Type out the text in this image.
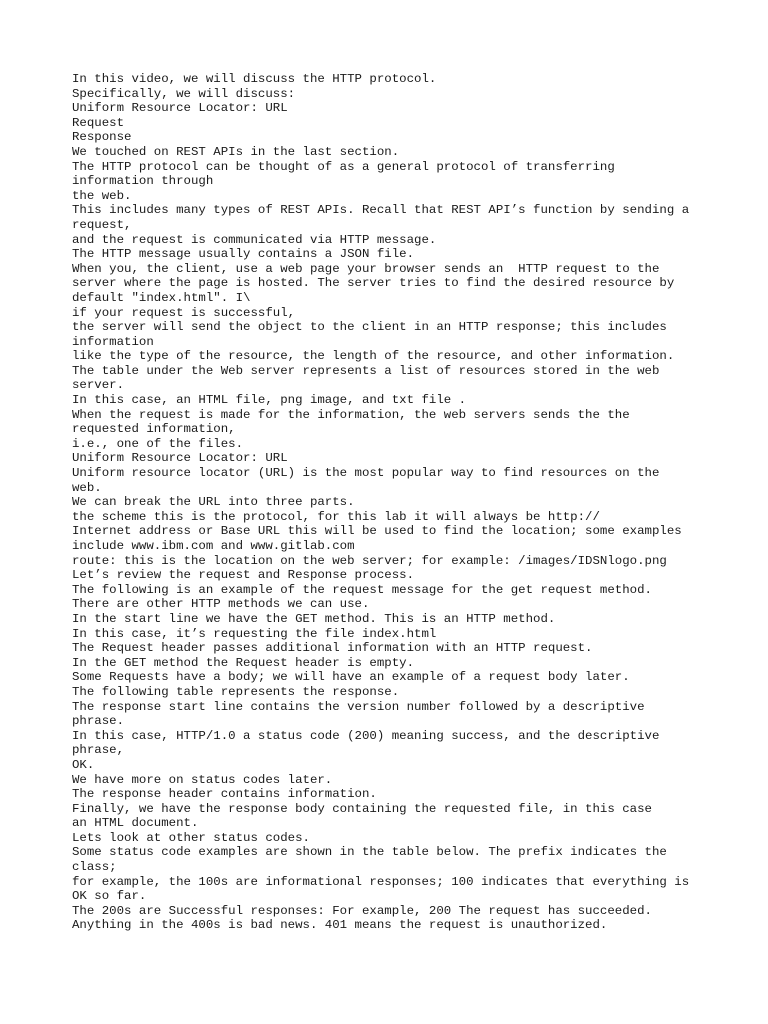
In this video, we will discuss the HTTP protocol.
Specifically, we will discuss:
Uniform Resource Locator: URL
Request
Response
We touched on REST APIs in the last section.
The HTTP protocol can be thought of as a general protocol of transferring
information through
the web.
This includes many types of REST APIs. Recall that REST API’s function by sending a
request,
and the request is communicated via HTTP message.
The HTTP message usually contains a JSON file.
When you, the client, use a web page your browser sends an  HTTP request to the
server where the page is hosted. The server tries to find the desired resource by
default "index.html". I\
if your request is successful,
the server will send the object to the client in an HTTP response; this includes
information
like the type of the resource, the length of the resource, and other information.
The table under the Web server represents a list of resources stored in the web
server.
In this case, an HTML file, png image, and txt file .
When the request is made for the information, the web servers sends the the
requested information,
i.e., one of the files.
Uniform Resource Locator: URL
Uniform resource locator (URL) is the most popular way to find resources on the
web.
We can break the URL into three parts.
the scheme this is the protocol, for this lab it will always be http://
Internet address or Base URL this will be used to find the location; some examples
include www.ibm.com and www.gitlab.com
route: this is the location on the web server; for example: /images/IDSNlogo.png
Let’s review the request and Response process.
The following is an example of the request message for the get request method.
There are other HTTP methods we can use.
In the start line we have the GET method. This is an HTTP method.
In this case, it’s requesting the file index.html
The Request header passes additional information with an HTTP request.
In the GET method the Request header is empty.
Some Requests have a body; we will have an example of a request body later.
The following table represents the response.
The response start line contains the version number followed by a descriptive
phrase.
In this case, HTTP/1.0 a status code (200) meaning success, and the descriptive
phrase,
OK.
We have more on status codes later.
The response header contains information.
Finally, we have the response body containing the requested file, in this case
an HTML document.
Lets look at other status codes.
Some status code examples are shown in the table below. The prefix indicates the
class;
for example, the 100s are informational responses; 100 indicates that everything is
OK so far.
The 200s are Successful responses: For example, 200 The request has succeeded.
Anything in the 400s is bad news. 401 means the request is unauthorized.
